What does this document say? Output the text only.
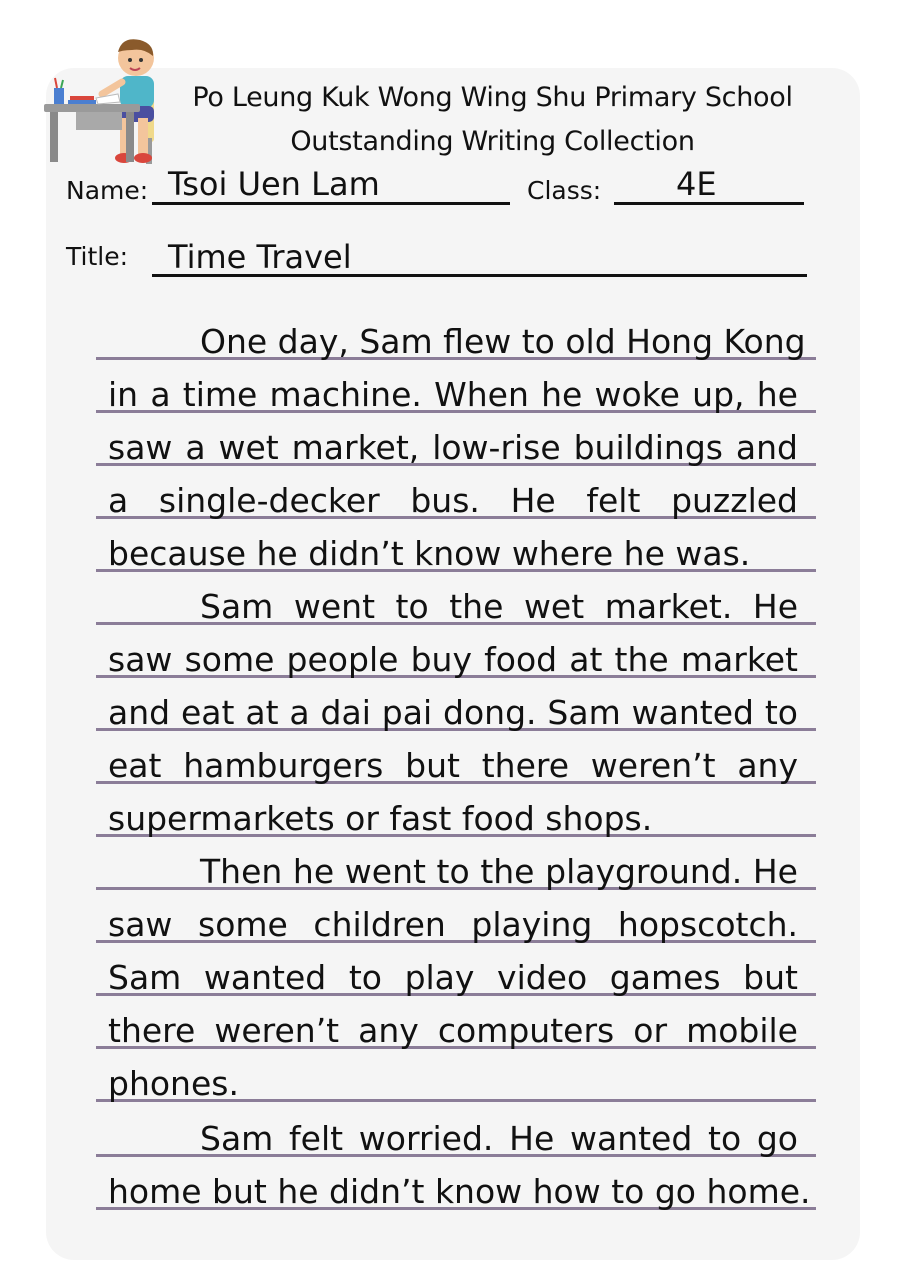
Po Leung Kuk Wong Wing Shu Primary School
Outstanding Writing Collection
Name: Tsoi Uen Lam	Class: 4E
Title: Time Travel
One day, Sam flew to old Hong Kong
in a time machine. When he woke up, he
saw a wet market, low-rise buildings and
a single-decker bus. He felt puzzled
because he didn’t know where he was.
Sam went to the wet market. He
saw some people buy food at the market
and eat at a dai pai dong. Sam wanted to
eat hamburgers but there weren’t any
supermarkets or fast food shops.
Then he went to the playground. He
saw some children playing hopscotch.
Sam wanted to play video games but
there weren’t any computers or mobile
phones.
Sam felt worried. He wanted to go
home but he didn’t know how to go home.
